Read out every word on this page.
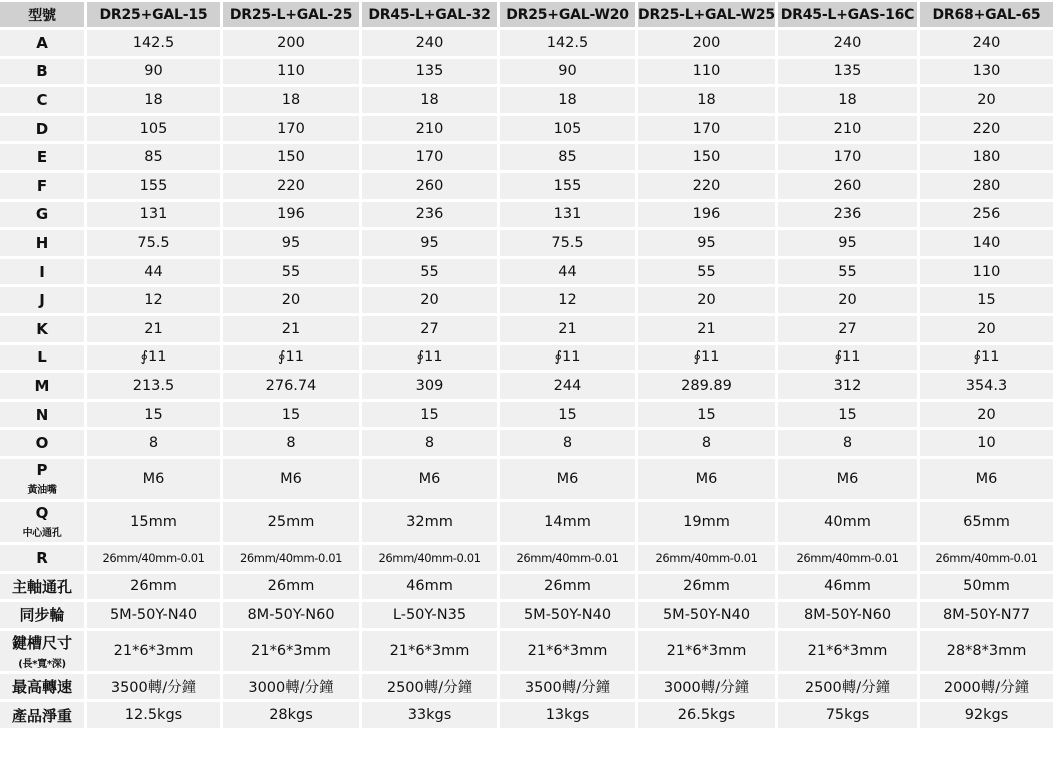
型號	DR25+GAL-15	DR25-L+GAL-25	DR45-L+GAL-32	DR25+GAL-W20	DR25-L+GAL-W25	DR45-L+GAS-16C	DR68+GAL-65

A	142.5	200	240	142.5	200	240	240

B	90	110	135	90	110	135	130

C	18	18	18	18	18	18	20

D	105	170	210	105	170	210	220

E	85	150	170	85	150	170	180

F	155	220	260	155	220	260	280

G	131	196	236	131	196	236	256

H	75.5	95	95	75.5	95	95	140

I	44	55	55	44	55	55	110

J	12	20	20	12	20	20	15

K	21	21	27	21	21	27	20

L	∮11	∮11	∮11	∮11	∮11	∮11	∮11

M	213.5	276.74	309	244	289.89	312	354.3

N	15	15	15	15	15	15	20

O	8	8	8	8	8	8	10

P
黃油嘴	M6	M6	M6	M6	M6	M6	M6

Q
中心通孔	15mm	25mm	32mm	14mm	19mm	40mm	65mm

R	26mm/40mm-0.01	26mm/40mm-0.01	26mm/40mm-0.01	26mm/40mm-0.01	26mm/40mm-0.01	26mm/40mm-0.01	26mm/40mm-0.01

主軸通孔	26mm	26mm	46mm	26mm	26mm	46mm	50mm

同步輪	5M-50Y-N40	8M-50Y-N60	L-50Y-N35	5M-50Y-N40	5M-50Y-N40	8M-50Y-N60	8M-50Y-N77

鍵槽尺寸
(長*寬*深)	21*6*3mm	21*6*3mm	21*6*3mm	21*6*3mm	21*6*3mm	21*6*3mm	28*8*3mm

最高轉速	3500轉/分鐘	3000轉/分鐘	2500轉/分鐘	3500轉/分鐘	3000轉/分鐘	2500轉/分鐘	2000轉/分鐘

產品淨重	12.5kgs	28kgs	33kgs	13kgs	26.5kgs	75kgs	92kgs
